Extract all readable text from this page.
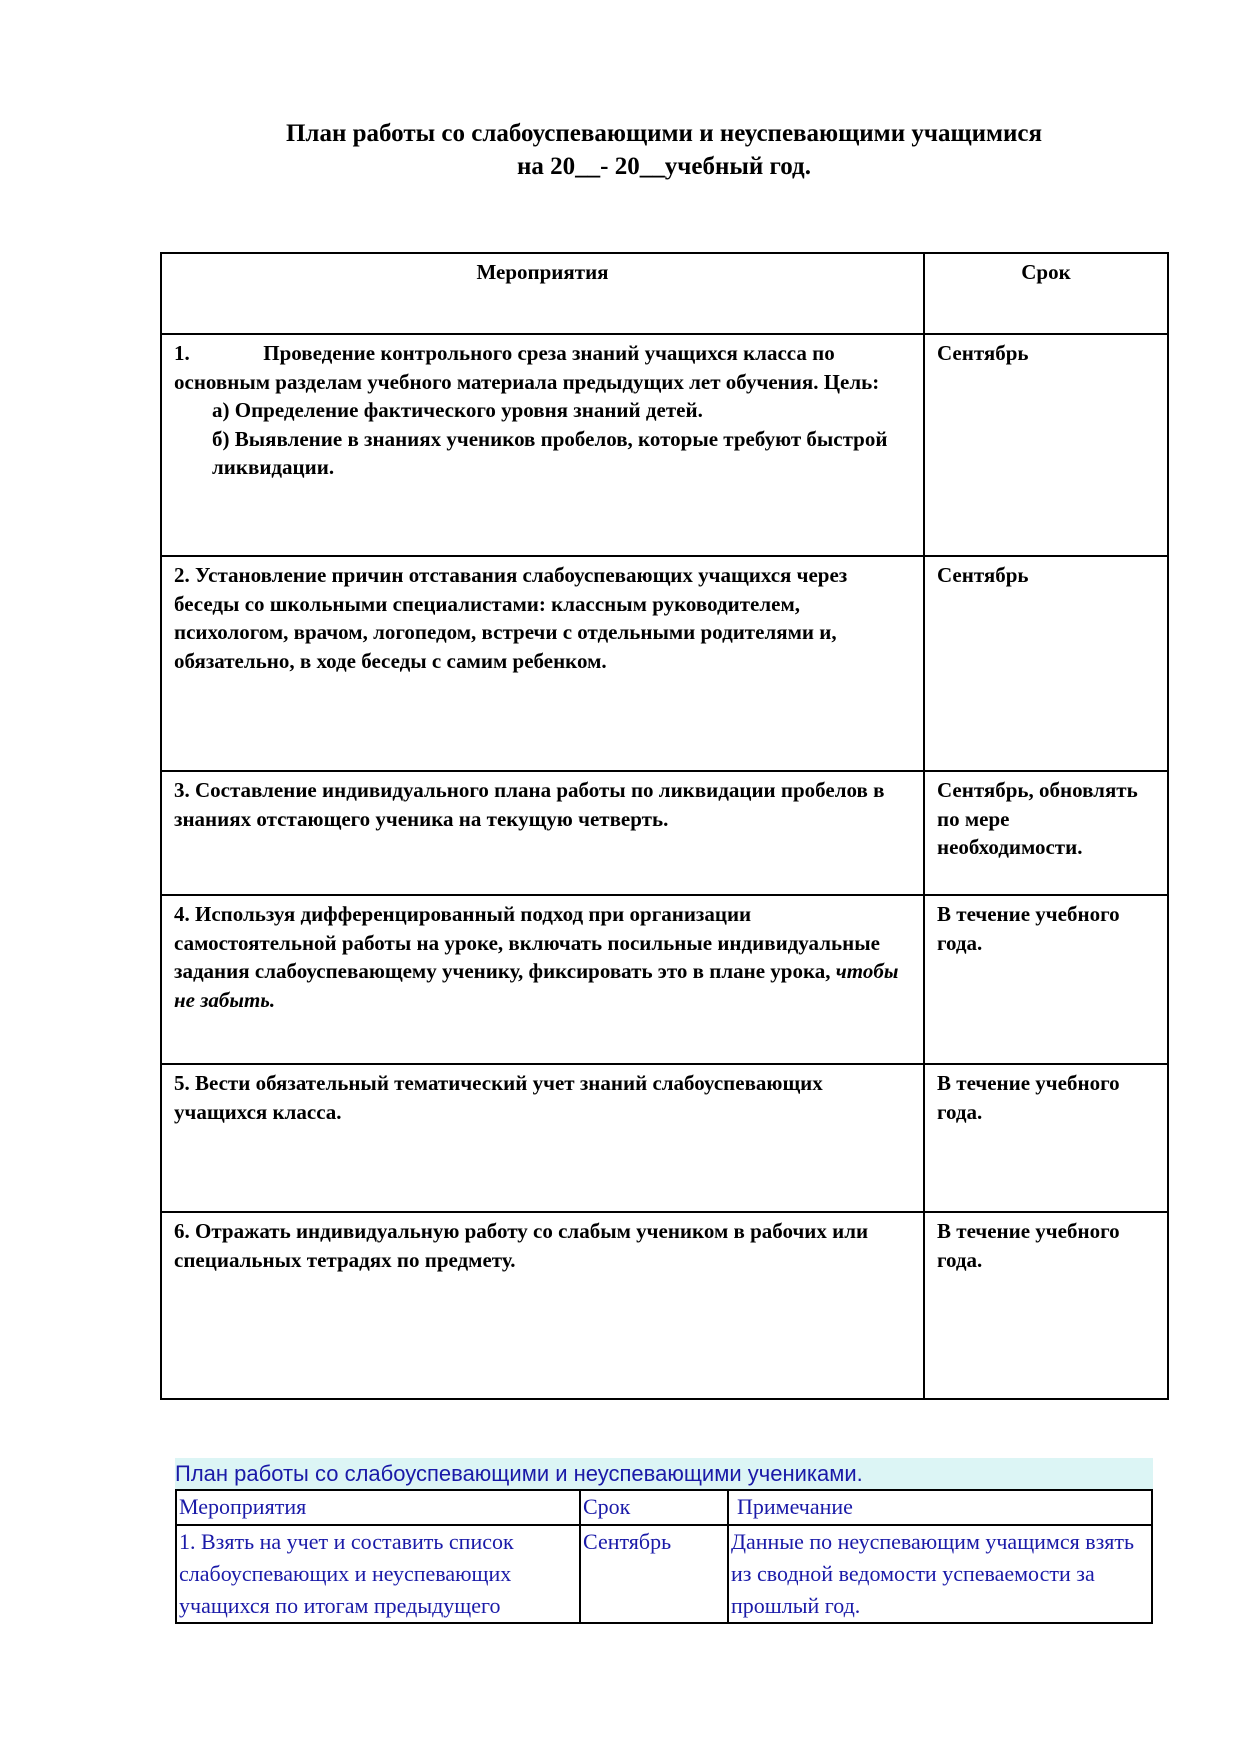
План работы со слабоуспевающими и неуспевающими учащимися
на 20__- 20__учебный год.
Мероприятия	Срок

1.              Проведение контрольного среза знаний учащихся класса по основным разделам учебного материала предыдущих лет обучения. Цель:
а) Определение фактического уровня знаний детей.
б) Выявление в знаниях учеников пробелов, которые требуют быстрой ликвидации.	Сентябрь
2. Установление причин отставания слабоуспевающих учащихся через беседы со школьными специалистами: классным руководителем, психологом, врачом, логопедом, встречи с отдельными родителями и, обязательно, в ходе беседы с самим ребенком.	Сентябрь
3. Составление индивидуального плана работы по ликвидации пробелов в знаниях отстающего ученика на текущую четверть.	Сентябрь, обновлять по мере необходимости.
4. Используя дифференцированный подход при организации самостоятельной работы на уроке, включать посильные индивидуальные задания слабоуспевающему ученику, фиксировать это в плане урока, чтобы не забыть.	В течение учебного года.
5. Вести обязательный тематический учет знаний слабоуспевающих учащихся класса.	В течение учебного года.
6. Отражать индивидуальную работу со слабым учеником в рабочих или специальных тетрадях по предмету.	В течение учебного года.
План работы со слабоуспевающими и неуспевающими учениками.
Мероприятия	Срок	Примечание
1. Взять на учет и составить список слабоуспевающих и неуспевающих учащихся по итогам предыдущего	Сентябрь	Данные по неуспевающим учащимся взять из сводной ведомости успеваемости за прошлый год.
